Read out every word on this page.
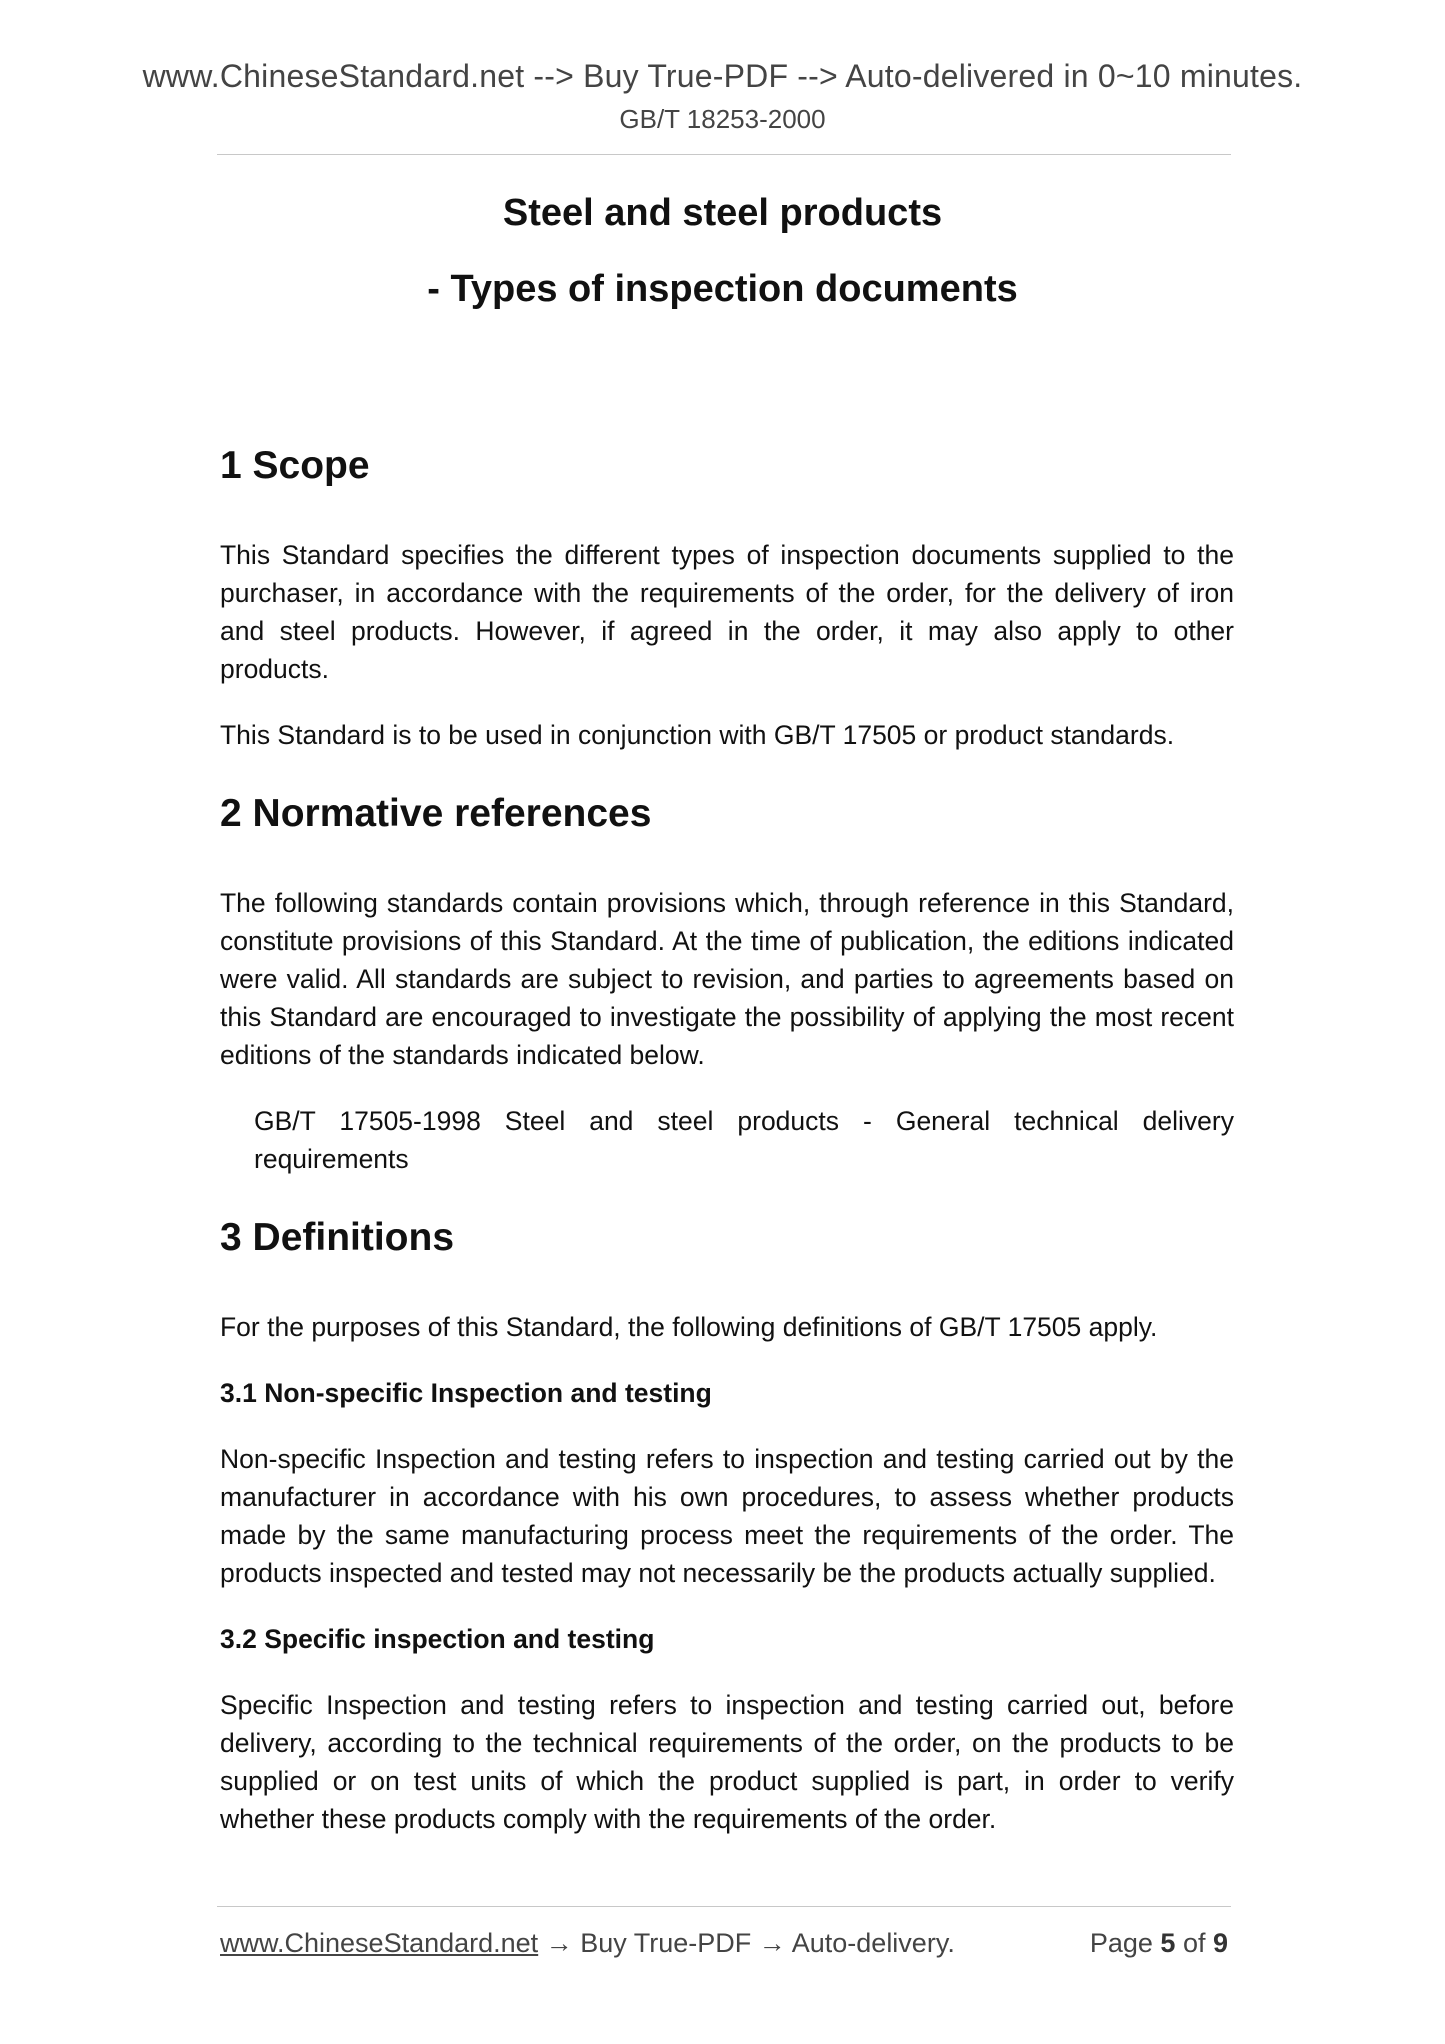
www.ChineseStandard.net --> Buy True-PDF --> Auto-delivered in 0~10 minutes.
GB/T 18253-2000
Steel and steel products
- Types of inspection documents
1 Scope

This Standard specifies the different types of inspection documents supplied to the purchaser, in accordance with the requirements of the order, for the delivery of iron and steel products. However, if agreed in the order, it may also apply to other products.

This Standard is to be used in conjunction with GB/T 17505 or product standards.

2 Normative references

The following standards contain provisions which, through reference in this Standard, constitute provisions of this Standard. At the time of publication, the editions indicated were valid. All standards are subject to revision, and parties to agreements based on this Standard are encouraged to investigate the possibility of applying the most recent editions of the standards indicated below.

GB/T 17505-1998 Steel and steel products - General technical delivery requirements

3 Definitions

For the purposes of this Standard, the following definitions of GB/T 17505 apply.

3.1 Non-specific Inspection and testing

Non-specific Inspection and testing refers to inspection and testing carried out by the manufacturer in accordance with his own procedures, to assess whether products made by the same manufacturing process meet the requirements of the order. The products inspected and tested may not necessarily be the products actually supplied.

3.2 Specific inspection and testing

Specific Inspection and testing refers to inspection and testing carried out, before delivery, according to the technical requirements of the order, on the products to be supplied or on test units of which the product supplied is part, in order to verify whether these products comply with the requirements of the order.

www.ChineseStandard.net → Buy True-PDF → Auto-delivery.	Page 5 of 9
